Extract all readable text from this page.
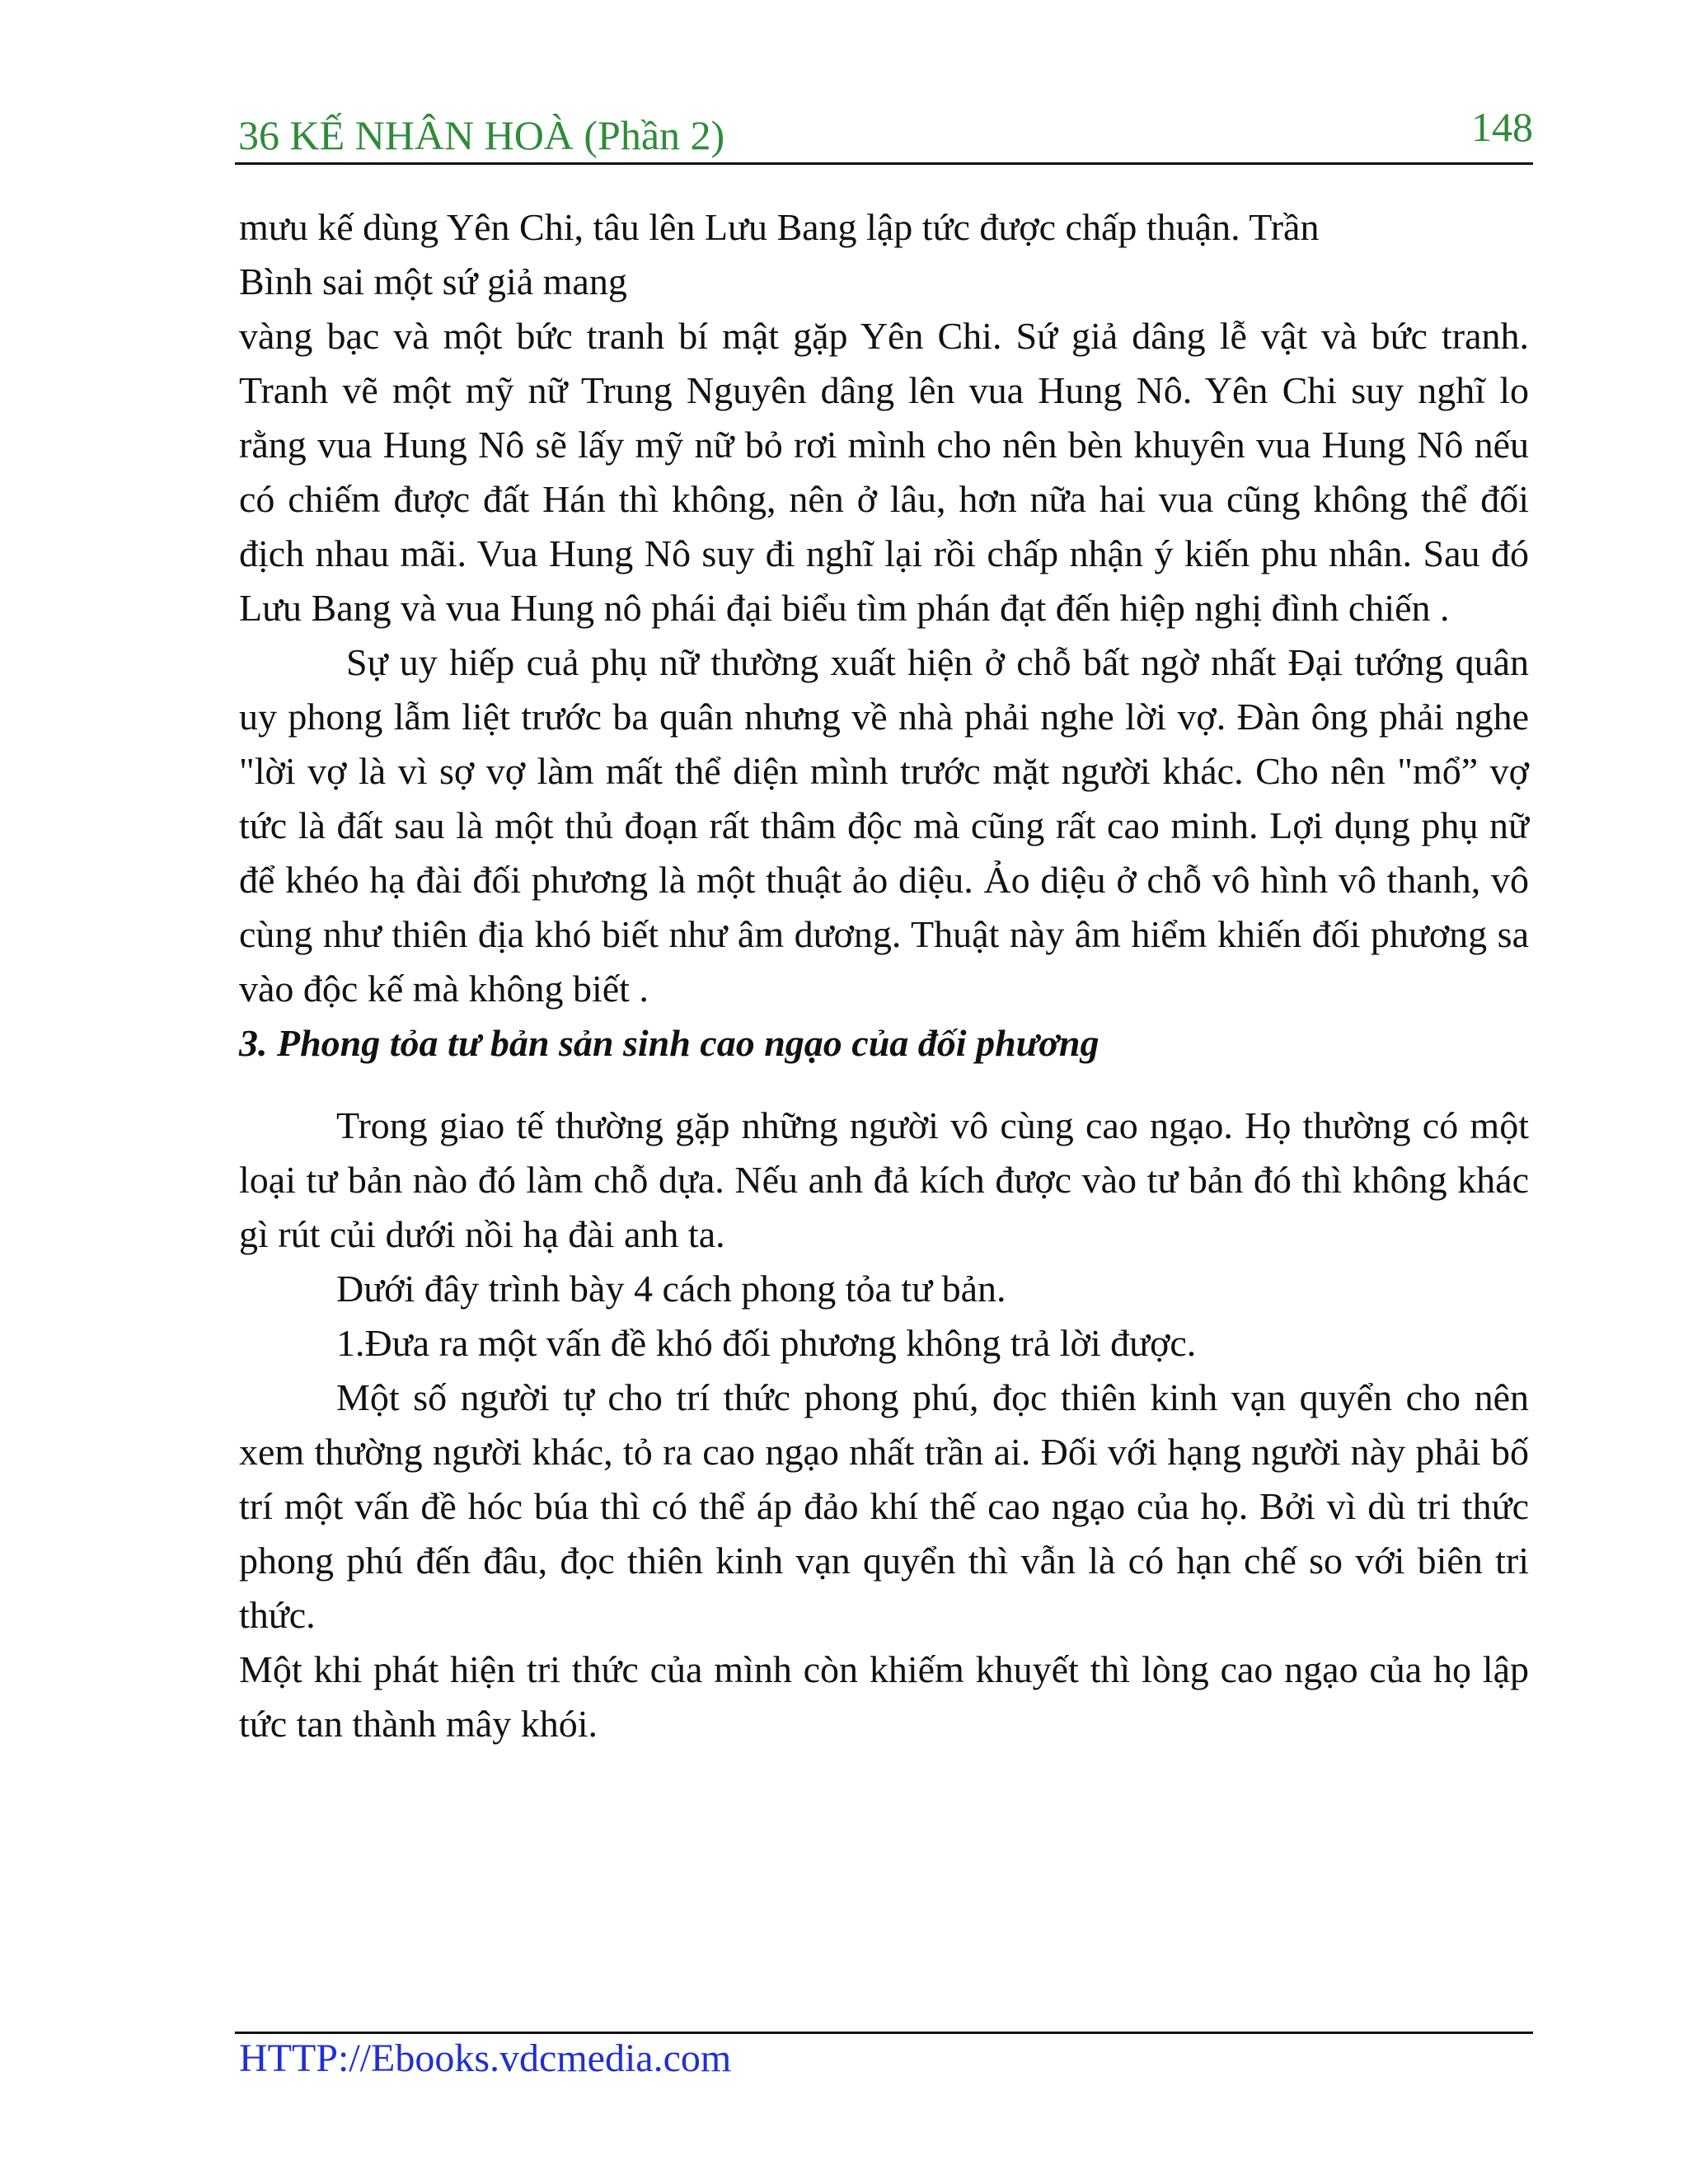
36 KẾ NHÂN HOÀ (Phần 2)	148

mưu kế dùng Yên Chi, tâu lên Lưu Bang lập tức được chấp thuận. Trần
Bình sai một sứ giả mang

vàng bạc và một bức tranh bí mật gặp Yên Chi. Sứ giả dâng lễ vật và bức tranh. Tranh vẽ một mỹ nữ Trung Nguyên dâng lên vua Hung Nô. Yên Chi suy nghĩ lo rằng vua Hung Nô sẽ lấy mỹ nữ bỏ rơi mình cho nên bèn khuyên vua Hung Nô nếu có chiếm được đất Hán thì không, nên ở lâu, hơn nữa hai vua cũng không thể đối địch nhau mãi. Vua Hung Nô suy đi nghĩ lại rồi chấp nhận ý kiến phu nhân. Sau đó Lưu Bang và vua Hung nô phái đại biểu tìm phán đạt đến hiệp nghị đình chiến .

Sự uy hiếp cuả phụ nữ thường xuất hiện ở chỗ bất ngờ nhất Đại tướng quân uy phong lẫm liệt trước ba quân nhưng về nhà phải nghe lời vợ. Đàn ông phải nghe "lời vợ là vì sợ vợ làm mất thể diện mình trước mặt người khác. Cho nên "mổ” vợ tức là đất sau là một thủ đoạn rất thâm độc mà cũng rất cao minh. Lợi dụng phụ nữ để khéo hạ đài đối phương là một thuật ảo diệu. Ảo diệu ở chỗ vô hình vô thanh, vô cùng như thiên địa khó biết như âm dương. Thuật này âm hiểm khiến đối phương sa vào độc kế mà không biết .

3. Phong tỏa tư bản sản sinh cao ngạo của đối phương

Trong giao tế thường gặp những người vô cùng cao ngạo. Họ thường có một loại tư bản nào đó làm chỗ dựa. Nếu anh đả kích được vào tư bản đó thì không khác gì rút củi dưới nồi hạ đài anh ta.

Dưới đây trình bày 4 cách phong tỏa tư bản.

1.Đưa ra một vấn đề khó đối phương không trả lời được.

Một số người tự cho trí thức phong phú, đọc thiên kinh vạn quyển cho nên xem thường người khác, tỏ ra cao ngạo nhất trần ai. Đối với hạng người này phải bố trí một vấn đề hóc búa thì có thể áp đảo khí thế cao ngạo của họ. Bởi vì dù tri thức phong phú đến đâu, đọc thiên kinh vạn quyển thì vẫn là có hạn chế so với biên tri thức.

Một khi phát hiện tri thức của mình còn khiếm khuyết thì lòng cao ngạo của họ lập tức tan thành mây khói.

HTTP://Ebooks.vdcmedia.com
